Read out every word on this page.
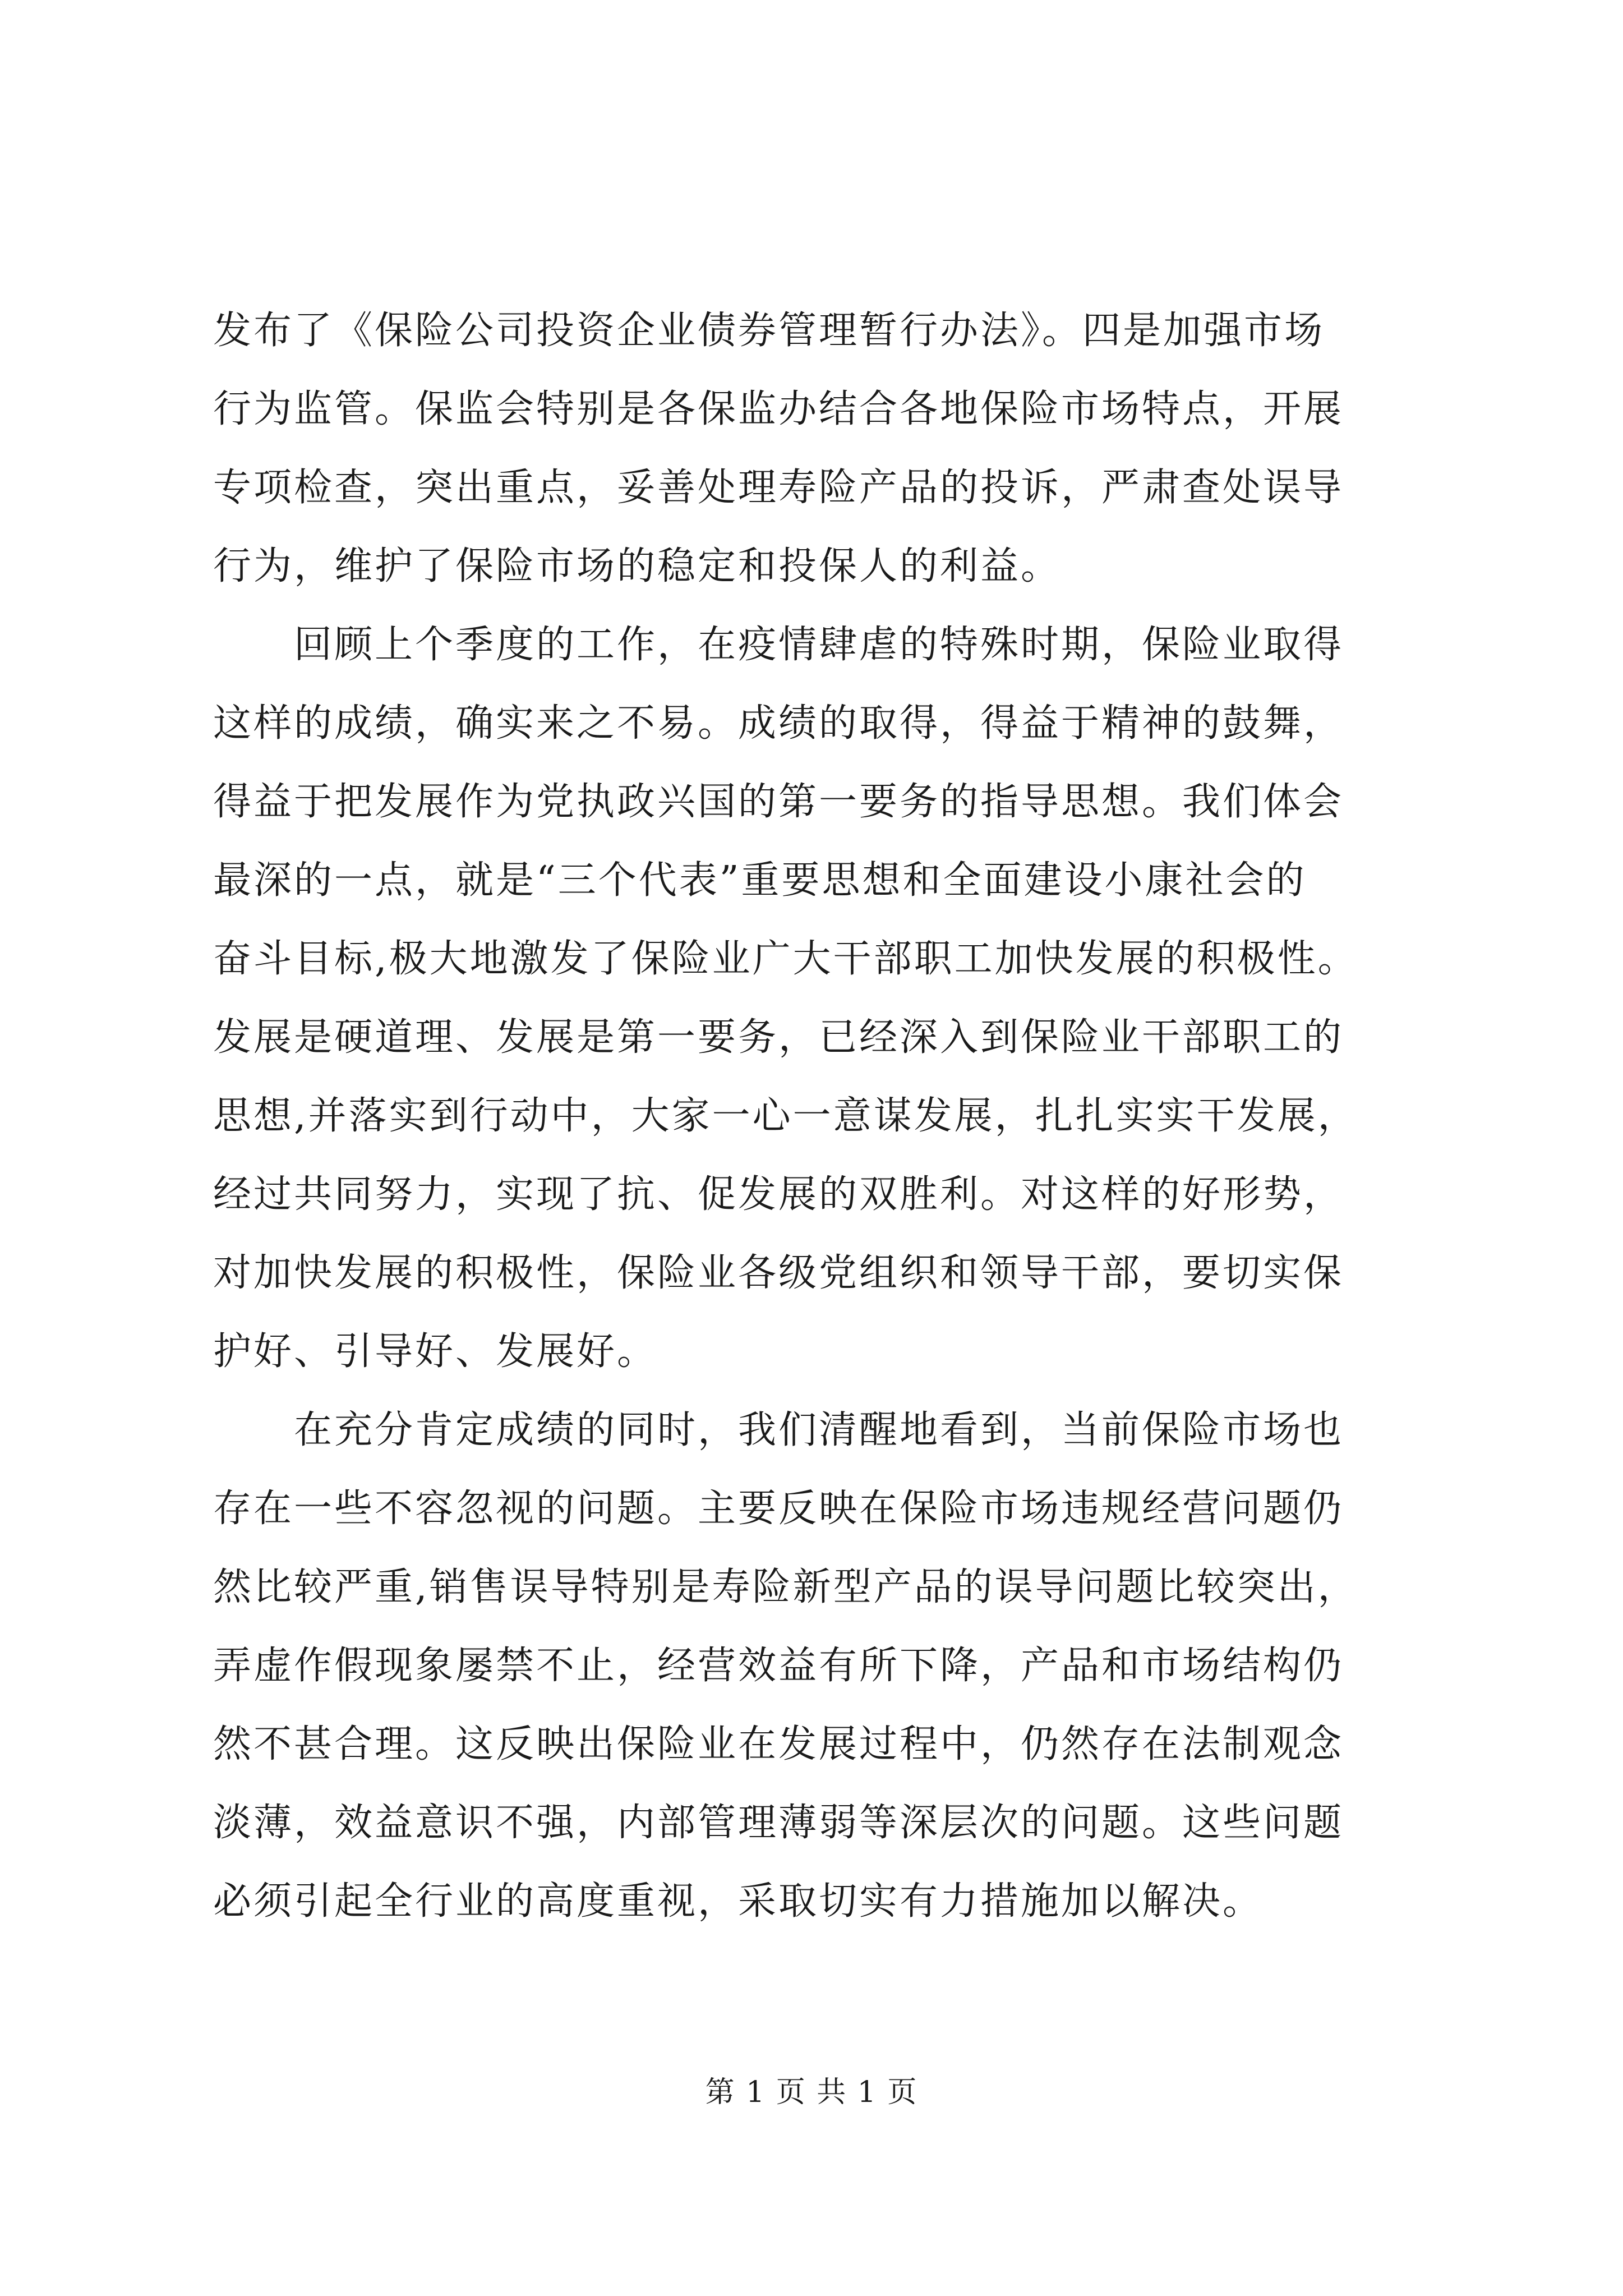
发布了《保险公司投资企业债券管理暂行办法》。四是加强市场
行为监管。保监会特别是各保监办结合各地保险市场特点，开展
专项检查，突出重点，妥善处理寿险产品的投诉，严肃查处误导
行为，维护了保险市场的稳定和投保人的利益。
　　回顾上个季度的工作，在疫情肆虐的特殊时期，保险业取得
这样的成绩，确实来之不易。成绩的取得，得益于精神的鼓舞，
得益于把发展作为党执政兴国的第一要务的指导思想。我们体会
最深的一点，就是“三个代表”重要思想和全面建设小康社会的
奋斗目标,极大地激发了保险业广大干部职工加快发展的积极性。
发展是硬道理、发展是第一要务，已经深入到保险业干部职工的
思想,并落实到行动中，大家一心一意谋发展，扎扎实实干发展，
经过共同努力，实现了抗、促发展的双胜利。对这样的好形势，
对加快发展的积极性，保险业各级党组织和领导干部，要切实保
护好、引导好、发展好。
　　在充分肯定成绩的同时，我们清醒地看到，当前保险市场也
存在一些不容忽视的问题。主要反映在保险市场违规经营问题仍
然比较严重,销售误导特别是寿险新型产品的误导问题比较突出，
弄虚作假现象屡禁不止，经营效益有所下降，产品和市场结构仍
然不甚合理。这反映出保险业在发展过程中，仍然存在法制观念
淡薄，效益意识不强，内部管理薄弱等深层次的问题。这些问题
必须引起全行业的高度重视，采取切实有力措施加以解决。
第 1 页 共 1 页
